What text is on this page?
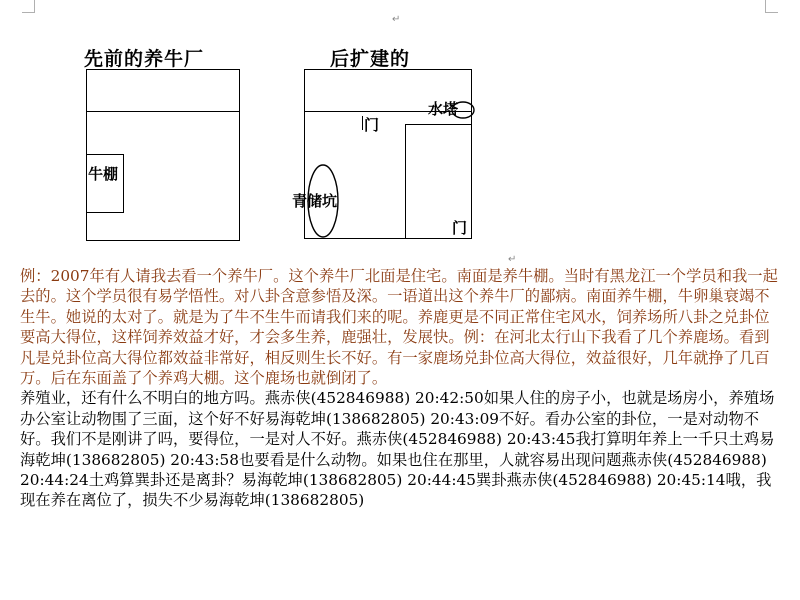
↵
先前的养牛厂
牛棚
后扩建的
门
水塔
青储坑
门
↵

例：2007年有人请我去看一个养牛厂。这个养牛厂北面是住宅。南面是养牛棚。当时有黑龙江一个学员和我一起去的。这个学员很有易学悟性。对八卦含意参悟及深。一语道出这个养牛厂的鄙病。南面养牛棚，牛卵巢衰竭不生牛。她说的太对了。就是为了牛不生牛而请我们来的呢。养鹿更是不同正常住宅风水，饲养场所八卦之兑卦位要高大得位，这样饲养效益才好，才会多生养，鹿强壮，发展快。例：在河北太行山下我看了几个养鹿场。看到凡是兑卦位高大得位都效益非常好，相反则生长不好。有一家鹿场兑卦位高大得位，效益很好，几年就挣了几百万。后在东面盖了个养鸡大棚。这个鹿场也就倒闭了。

养殖业，还有什么不明白的地方吗。燕赤侠(452846988) 20:42:50如果人住的房子小，也就是场房小，养殖场办公室让动物围了三面，这个好不好易海乾坤(138682805) 20:43:09不好。看办公室的卦位，一是对动物不好。我们不是刚讲了吗，要得位，一是对人不好。燕赤侠(452846988) 20:43:45我打算明年养上一千只土鸡易海乾坤(138682805) 20:43:58也要看是什么动物。如果也住在那里，人就容易出现问题燕赤侠(452846988) 20:44:24土鸡算巽卦还是离卦？易海乾坤(138682805) 20:44:45巽卦燕赤侠(452846988) 20:45:14哦，我现在养在离位了，损失不少易海乾坤(138682805)
